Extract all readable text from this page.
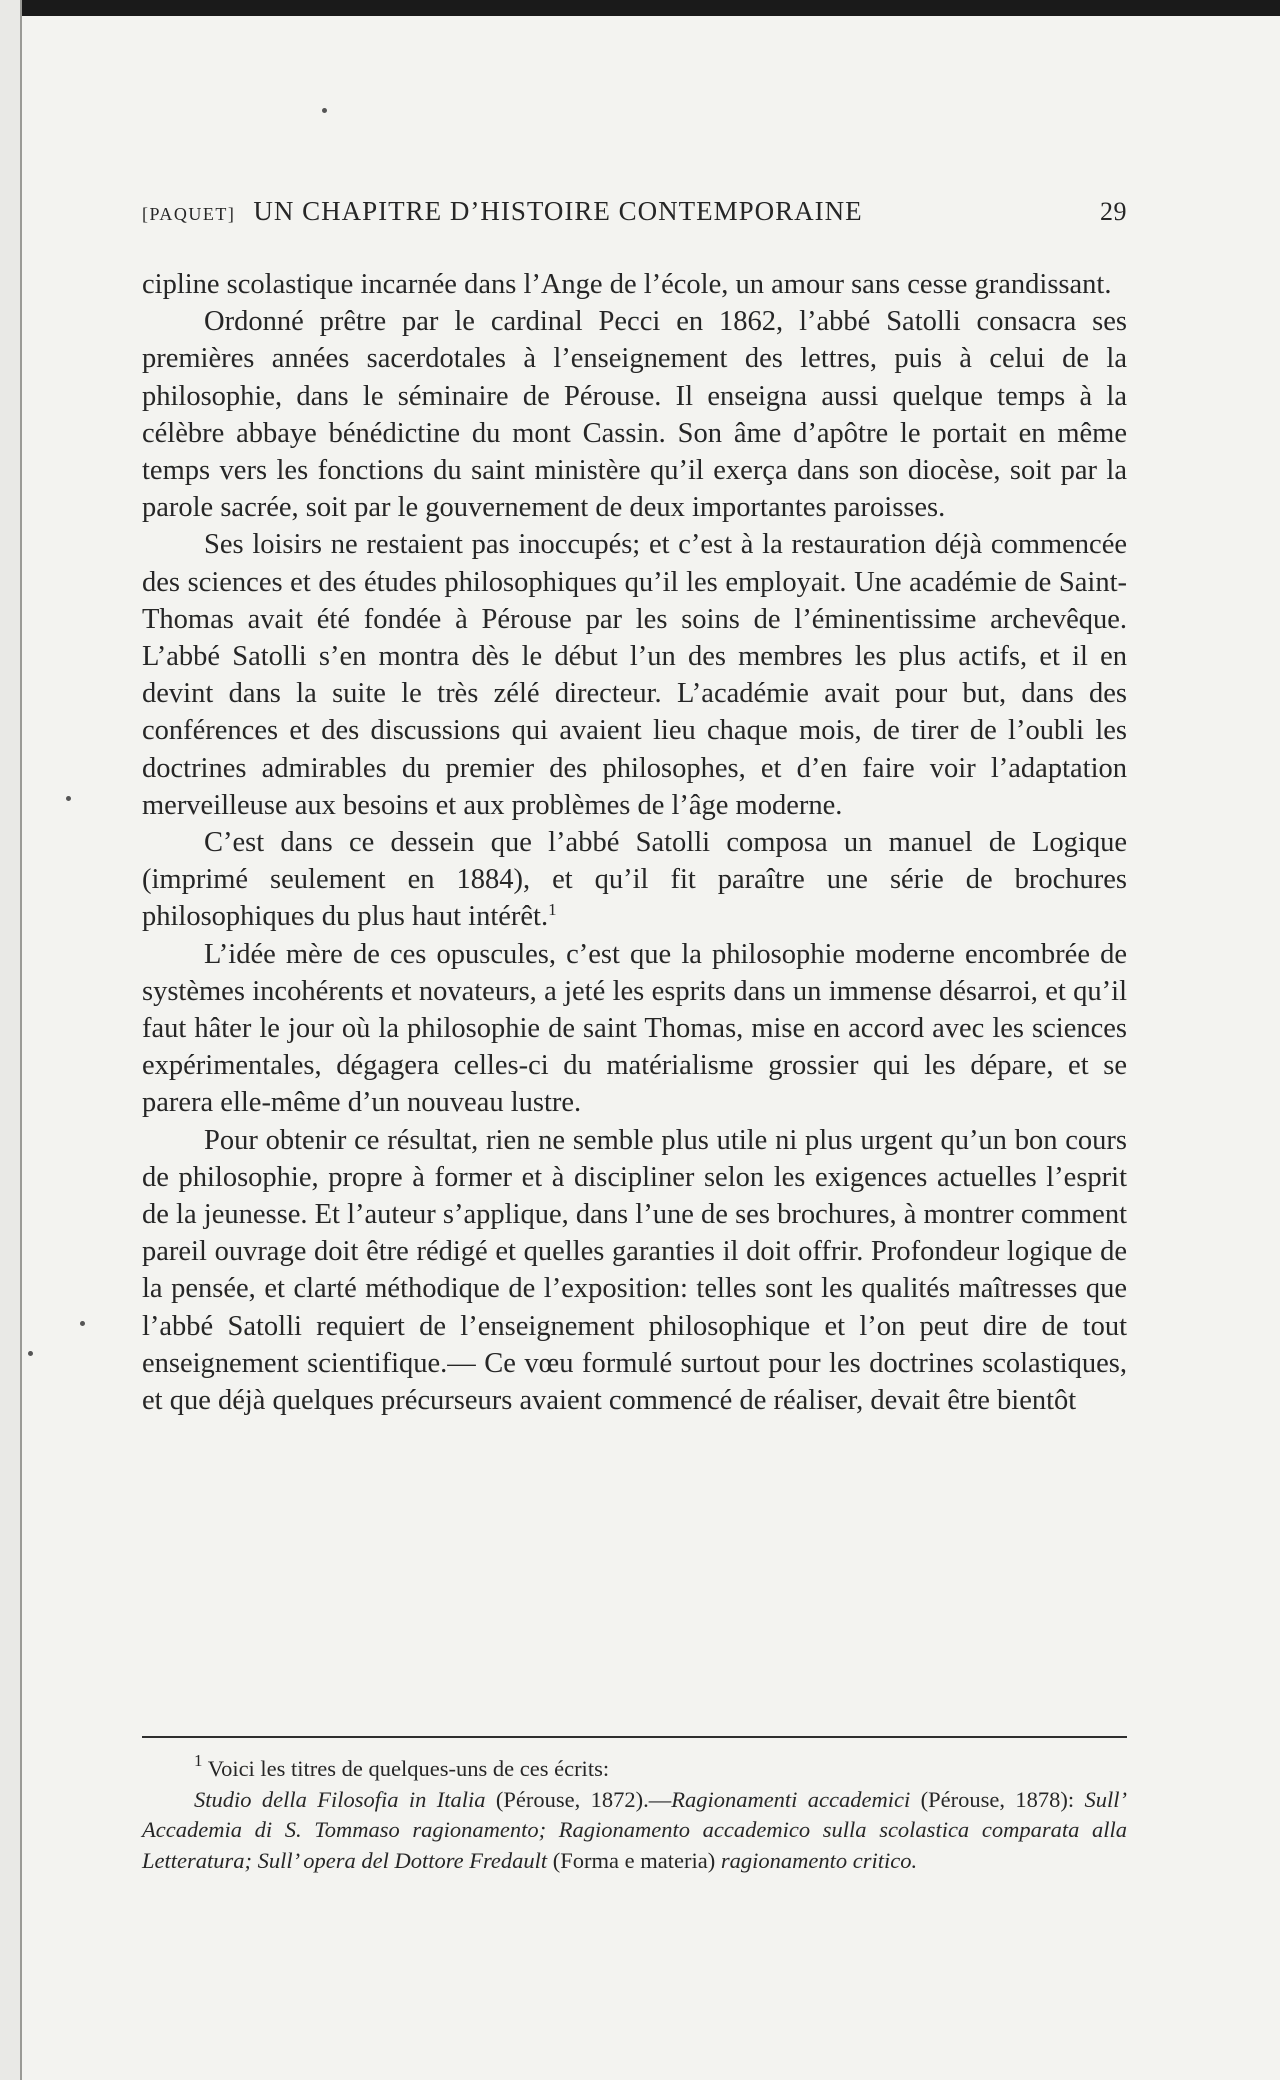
[PAQUET] UN CHAPITRE D’HISTOIRE CONTEMPORAINE	29

cipline scolastique incarnée dans l’Ange de l’école, un amour sans cesse grandissant.

Ordonné prêtre par le cardinal Pecci en 1862, l’abbé Satolli consacra ses premières années sacerdotales à l’enseignement des lettres, puis à celui de la philosophie, dans le séminaire de Pérouse. Il enseigna aussi quelque temps à la célèbre abbaye bénédictine du mont Cassin. Son âme d’apôtre le portait en même temps vers les fonctions du saint ministère qu’il exerça dans son diocèse, soit par la parole sacrée, soit par le gouvernement de deux importantes paroisses.

Ses loisirs ne restaient pas inoccupés; et c’est à la restauration déjà commencée des sciences et des études philosophiques qu’il les employait. Une académie de Saint-Thomas avait été fondée à Pérouse par les soins de l’éminentissime archevêque. L’abbé Satolli s’en montra dès le début l’un des membres les plus actifs, et il en devint dans la suite le très zélé directeur. L’académie avait pour but, dans des conférences et des discussions qui avaient lieu chaque mois, de tirer de l’oubli les doctrines admirables du premier des philosophes, et d’en faire voir l’adaptation merveilleuse aux besoins et aux problèmes de l’âge moderne.

C’est dans ce dessein que l’abbé Satolli composa un manuel de Logique (imprimé seulement en 1884), et qu’il fit paraître une série de brochures philosophiques du plus haut intérêt.$^1$

L’idée mère de ces opuscules, c’est que la philosophie moderne encombrée de systèmes incohérents et novateurs, a jeté les esprits dans un immense désarroi, et qu’il faut hâter le jour où la philosophie de saint Thomas, mise en accord avec les sciences expérimentales, dégagera celles-ci du matérialisme grossier qui les dépare, et se parera elle-même d’un nouveau lustre.

Pour obtenir ce résultat, rien ne semble plus utile ni plus urgent qu’un bon cours de philosophie, propre à former et à discipliner selon les exigences actuelles l’esprit de la jeunesse. Et l’auteur s’applique, dans l’une de ses brochures, à montrer comment pareil ouvrage doit être rédigé et quelles garanties il doit offrir. Profondeur logique de la pensée, et clarté méthodique de l’exposition: telles sont les qualités maîtresses que l’abbé Satolli requiert de l’enseignement philosophique et l’on peut dire de tout enseignement scientifique.— Ce vœu formulé surtout pour les doctrines scolastiques, et que déjà quelques précurseurs avaient commencé de réaliser, devait être bientôt

$^1$ Voici les titres de quelques-uns de ces écrits:

Studio della Filosofia in Italia (Pérouse, 1872).—Ragionamenti accademici (Pérouse, 1878): Sull’ Accademia di S. Tommaso ragionamento; Ragionamento accademico sulla scolastica comparata alla Letteratura; Sull’ opera del Dottore Fredault (Forma e materia) ragionamento critico.
